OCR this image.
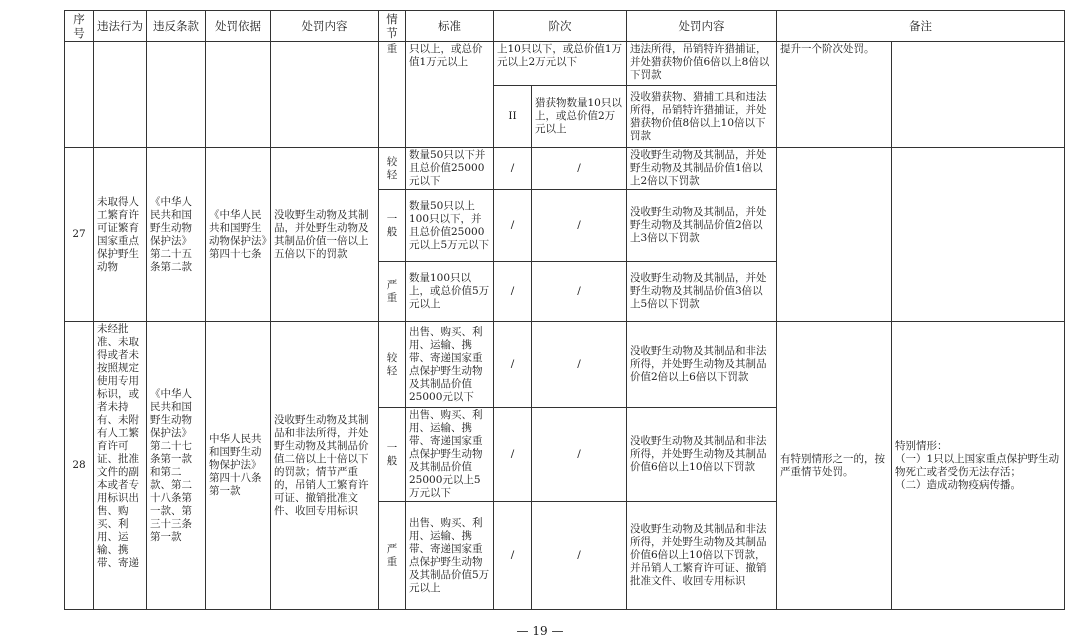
序号	违法行为	违反条款	处罚依据	处罚内容	情节	标准	阶次		处罚内容	备注	
					重	只以上，或总价值1万元以上	上10只以下，或总价值1万元以上2万元以下		违法所得，吊销特许猎捕证，并处猎获物价值6倍以上8倍以下罚款	提升一个阶次处罚。	
							II	猎获物数量10只以上，或总价值2万元以上	没收猎获物、猎捕工具和违法所得，吊销特许猎捕证，并处猎获物价值8倍以上10倍以下罚款		
27	未取得人工繁育许可证繁育国家重点保护野生动物	《中华人民共和国野生动物保护法》第二十五条第二款	《中华人民共和国野生动物保护法》第四十七条	没收野生动物及其制品，并处野生动物及其制品价值一倍以上五倍以下的罚款	较轻	数量50只以下并且总价值25000元以下	/	/	没收野生动物及其制品，并处野生动物及其制品价值1倍以上2倍以下罚款		
					一般	数量50只以上100只以下，并且总价值25000元以上5万元以下	/	/	没收野生动物及其制品，并处野生动物及其制品价值2倍以上3倍以下罚款		
					严重	数量100只以上，或总价值5万元以上	/	/	没收野生动物及其制品，并处野生动物及其制品价值3倍以上5倍以下罚款		
28	未经批准、未取得或者未按照规定使用专用标识，或者未持有、未附有人工繁育许可证、批准文件的副本或者专用标识出售、购买、利用、运输、携带、寄递	《中华人民共和国野生动物保护法》第二十七条第一款和第二款、第二十八条第一款、第三十三条第一款	中华人民共和国野生动物保护法》第四十八条第一款	没收野生动物及其制品和非法所得，并处野生动物及其制品价值二倍以上十倍以下的罚款；情节严重的，吊销人工繁育许可证、撤销批准文件、收回专用标识	较轻	出售、购买、利用、运输、携带、寄递国家重点保护野生动物及其制品价值25000元以下	/	/	没收野生动物及其制品和非法所得，并处野生动物及其制品价值2倍以上6倍以下罚款	有特别情形之一的，按严重情节处罚。	特别情形：
（一）1只以上国家重点保护野生动物死亡或者受伤无法存活；
（二）造成动物疫病传播。

					一般	出售、购买、利用、运输、携带、寄递国家重点保护野生动物及其制品价值25000元以上5万元以下	/	/	没收野生动物及其制品和非法所得，并处野生动物及其制品价值6倍以上10倍以下罚款		
					严重	出售、购买、利用、运输、携带、寄递国家重点保护野生动物及其制品价值5万元以上	/	/	没收野生动物及其制品和非法所得，并处野生动物及其制品价值6倍以上10倍以下罚款，并吊销人工繁育许可证、撤销批准文件、收回专用标识		
— 19 —
